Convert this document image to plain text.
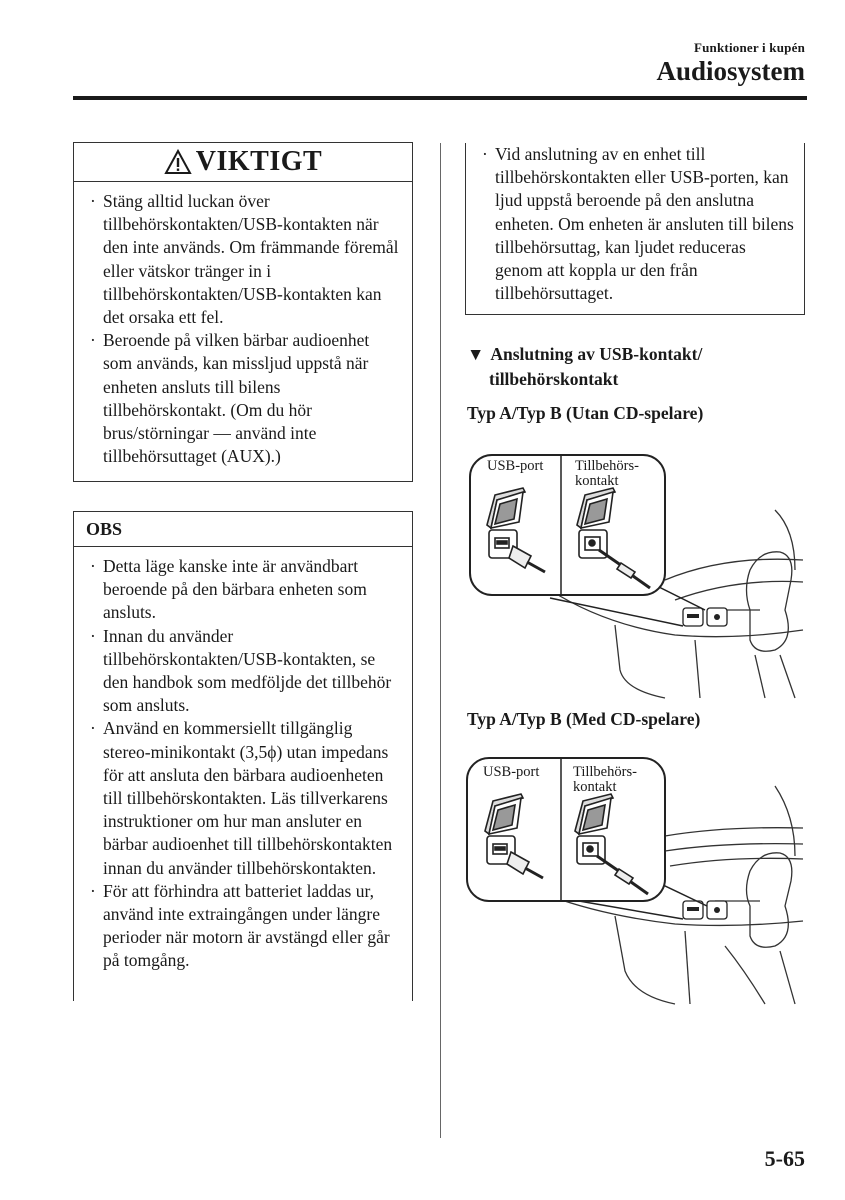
Funktioner i kupén
Audiosystem
VIKTIGT
· Stäng alltid luckan över tillbehörskontakten/USB-kontakten när den inte används. Om främmande föremål eller vätskor tränger in i tillbehörskontakten/USB-kontakten kan det orsaka ett fel.
· Beroende på vilken bärbar audioenhet som används, kan missljud uppstå när enheten ansluts till bilens tillbehörskontakt. (Om du hör brus/störningar — använd inte tillbehörsuttaget (AUX).)
OBS
· Detta läge kanske inte är användbart beroende på den bärbara enheten som ansluts.
· Innan du använder tillbehörskontakten/USB-kontakten, se den handbok som medföljde det tillbehör som ansluts.
· Använd en kommersiellt tillgänglig stereo-minikontakt (3,5ϕ) utan impedans för att ansluta den bärbara audioenheten till tillbehörskontakten. Läs tillverkarens instruktioner om hur man ansluter en bärbar audioenhet till tillbehörskontakten innan du använder tillbehörskontakten.
· För att förhindra att batteriet laddas ur, använd inte extraingången under längre perioder när motorn är avstängd eller går på tomgång.
· Vid anslutning av en enhet till tillbehörskontakten eller USB-porten, kan ljud uppstå beroende på den anslutna enheten. Om enheten är ansluten till bilens tillbehörsuttag, kan ljudet reduceras genom att koppla ur den från tillbehörsuttaget.
▼ Anslutning av USB-kontakt/
tillbehörskontakt
Typ A/Typ B (Utan CD-spelare)
USB-port Tillbehörs-
kontakt
Typ A/Typ B (Med CD-spelare)
USB-port Tillbehörs-
kontakt
5-65
